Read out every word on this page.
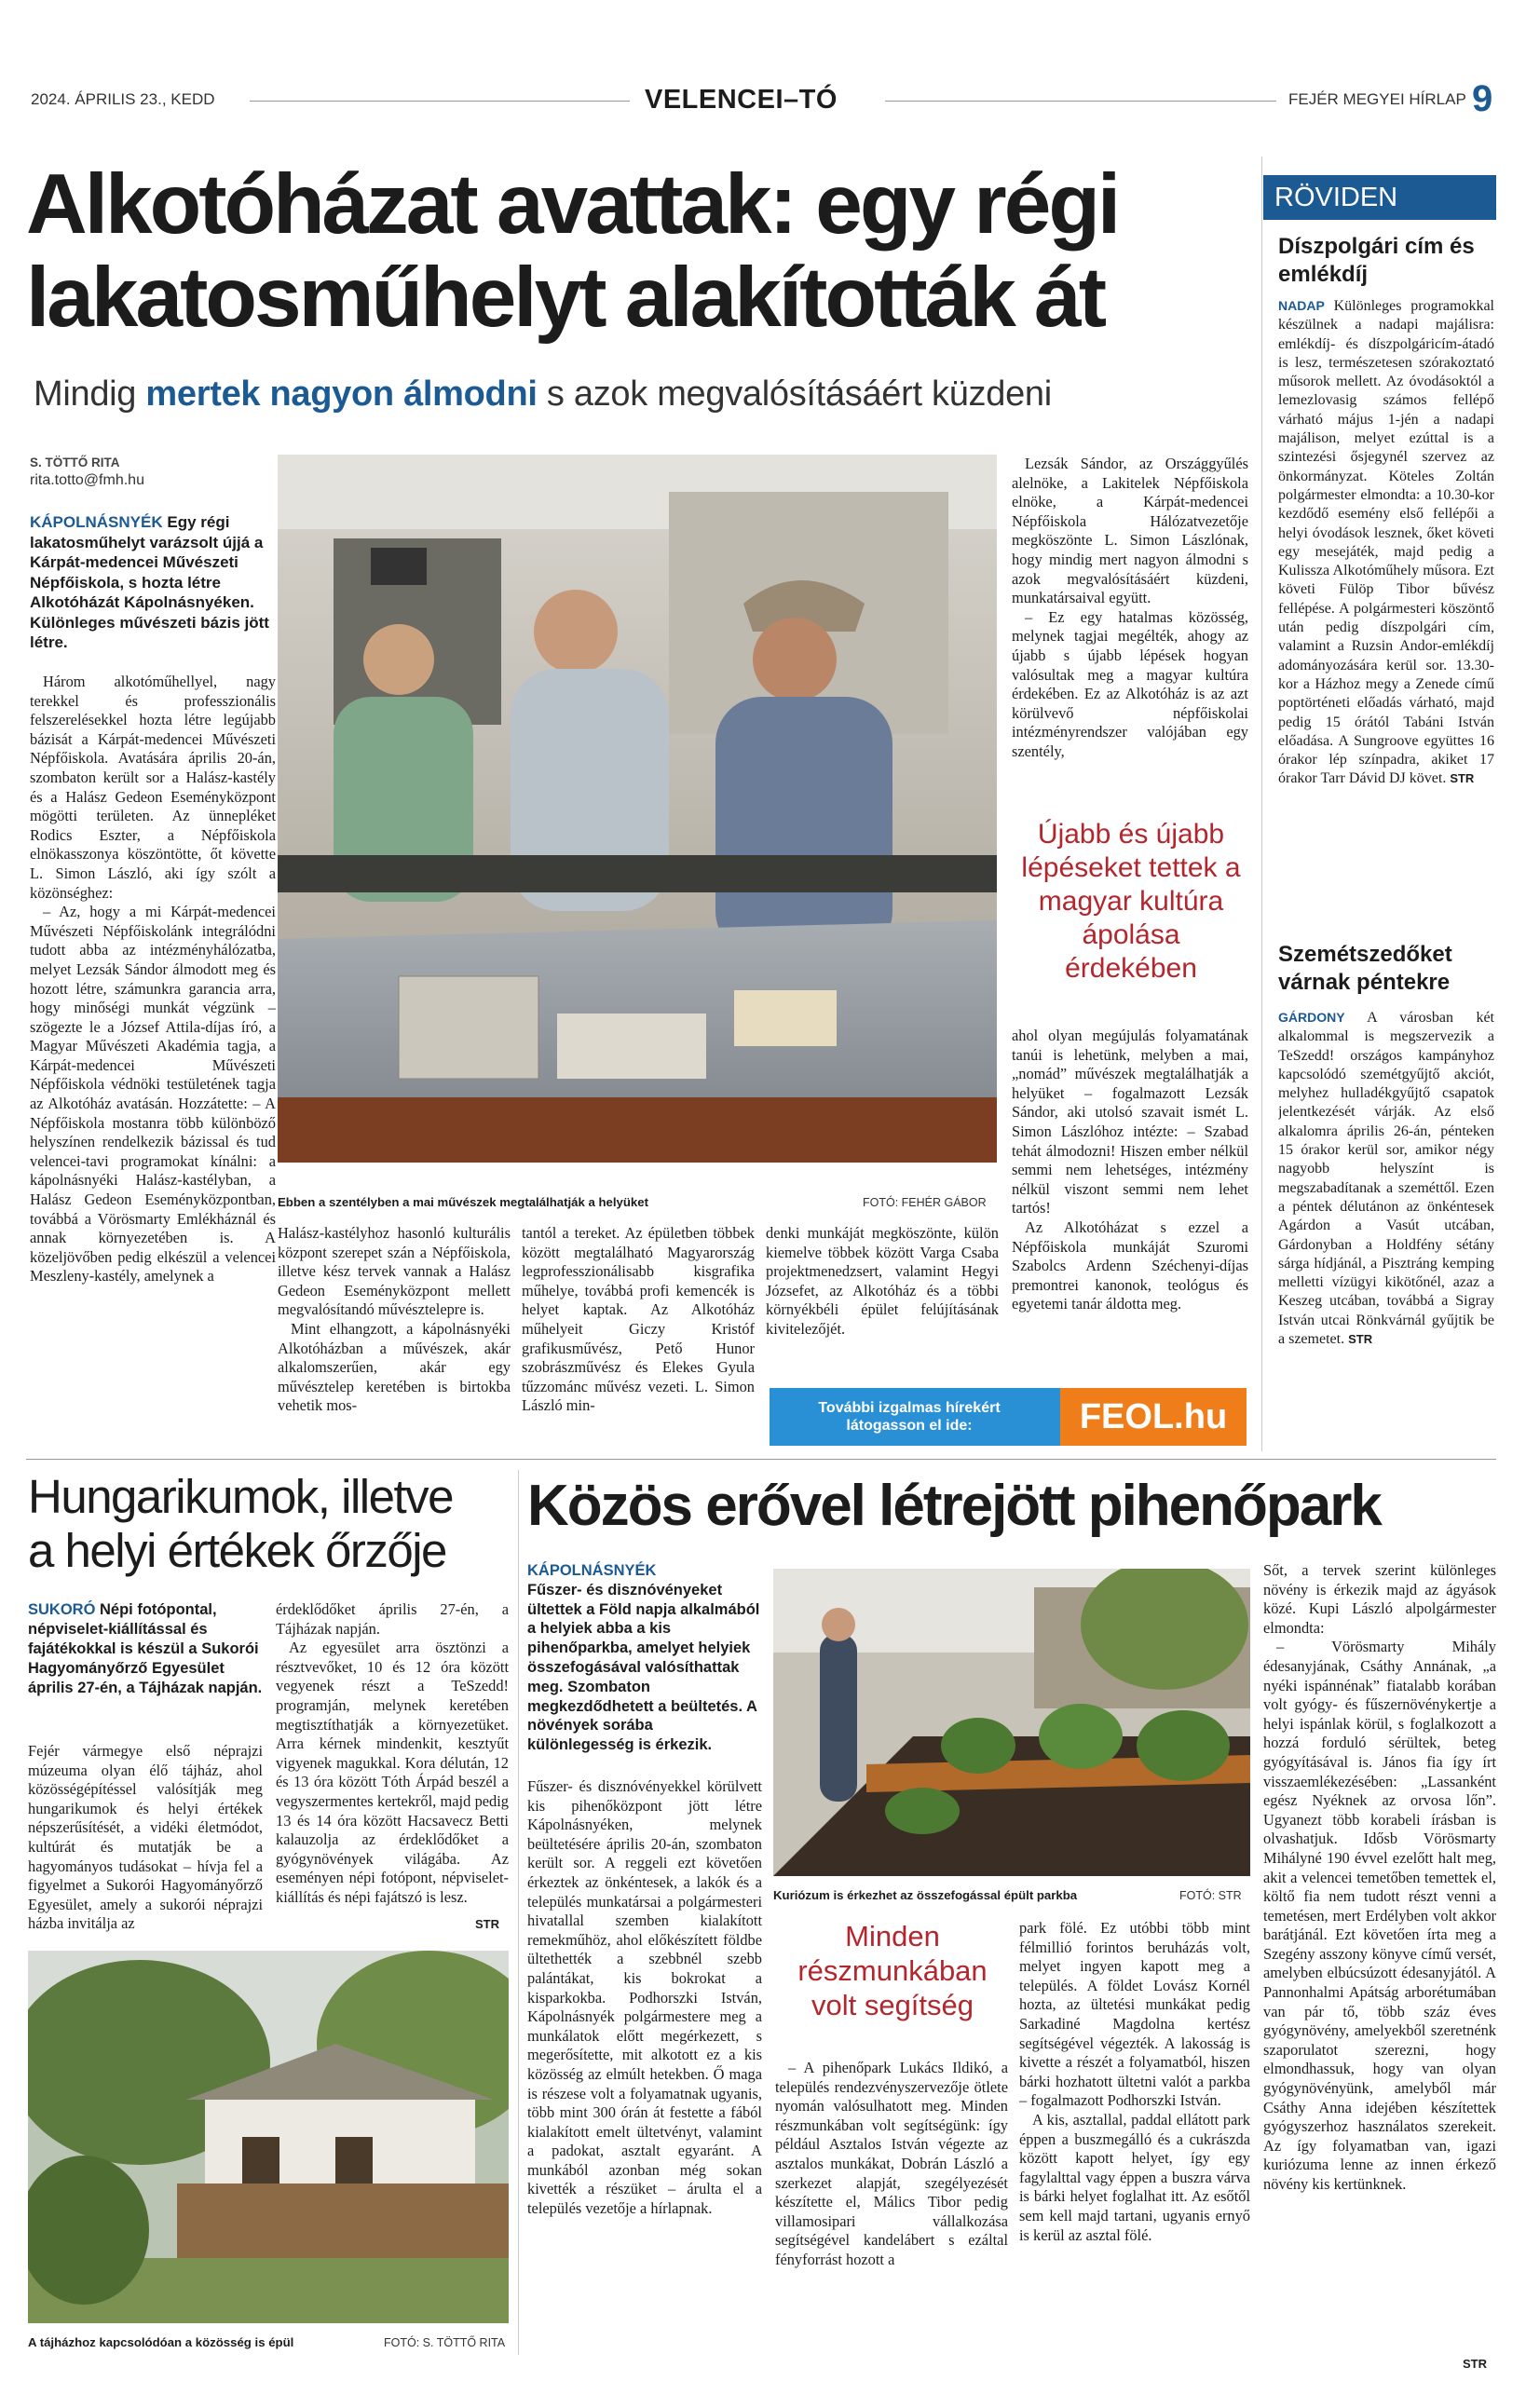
2024. ÁPRILIS 23., KEDD	VELENCEI–TÓ	FEJÉR MEGYEI HÍRLAP 9
Alkotóházat avattak: egy régi
lakatosműhelyt alakították át
Mindig mertek nagyon álmodni s azok megvalósításáért küzdeni
S. TÖTTŐ RITA
rita.totto@fmh.hu
KÁPOLNÁSNYÉK Egy régi lakatosműhelyt varázsolt újjá a Kárpát-medencei Művészeti Népfőiskola, s hozta létre Alkotóházát Kápolnásnyéken. Különleges művészeti bázis jött létre.

Három alkotóműhellyel, nagy terekkel és professzionális felszerelésekkel hozta létre legújabb bázisát a Kárpát-medencei Művészeti Népfőiskola. Avatására április 20-án, szombaton került sor a Halász-kastély és a Halász Gedeon Eseményközpont mögötti területen. Az ünnepléket Rodics Eszter, a Népfőiskola elnökasszonya köszöntötte, őt követte L. Simon László, aki így szólt a közönséghez:

– Az, hogy a mi Kárpát-medencei Művészeti Népfőiskolánk integrálódni tudott abba az intézményhálózatba, melyet Lezsák Sándor álmodott meg és hozott létre, számunkra garancia arra, hogy minőségi munkát végzünk – szögezte le a József Attila-díjas író, a Magyar Művészeti Akadémia tagja, a Kárpát-medencei Művészeti Népfőiskola védnöki testületének tagja az Alkotóház avatásán. Hozzátette: – A Népfőiskola mostanra több különböző helyszínen rendelkezik bázissal és tud velencei-tavi programokat kínálni: a kápolnásnyéki Halász-kastélyban, a Halász Gedeon Eseményközpontban, továbbá a Vörösmarty Emlékháznál és annak környezetében is. A közeljövőben pedig elkészül a velencei Meszleny-kastély, amelynek a

Ebben a szentélyben a mai művészek megtalálhatják a helyüket	FOTÓ: FEHÉR GÁBOR

Halász-kastélyhoz hasonló kulturális központ szerepet szán a Népfőiskola, illetve kész tervek vannak a Halász Gedeon Eseményközpont mellett megvalósítandó művésztelepre is.

Mint elhangzott, a kápolnásnyéki Alkotóházban a művészek, akár alkalomszerűen, akár egy művésztelep keretében is birtokba vehetik mos-

tantól a tereket. Az épületben többek között megtalálható Magyarország legprofesszionálisabb kisgrafika műhelye, továbbá profi kemencék is helyet kaptak. Az Alkotóház műhelyeit Giczy Kristóf grafikusművész, Pető Hunor szobrászművész és Elekes Gyula tűzzománc művész vezeti. L. Simon László min-

denki munkáját megköszönte, külön kiemelve többek között Varga Csaba projektmenedzsert, valamint Hegyi Józsefet, az Alkotóház és a többi környékbéli épület felújításának kivitelezőjét.

Lezsák Sándor, az Országgyűlés alelnöke, a Lakitelek Népfőiskola elnöke, a Kárpát-medencei Népfőiskola Hálózatvezetője megköszönte L. Simon Lászlónak, hogy mindig mert nagyon álmodni s azok megvalósításáért küzdeni, munkatársaival együtt.

– Ez egy hatalmas közösség, melynek tagjai megélték, ahogy az újabb s újabb lépések hogyan valósultak meg a magyar kultúra érdekében. Ez az Alkotóház is az azt körülvevő népfőiskolai intézményrendszer valójában egy szentély,

Újabb és újabb lépéseket tettek a magyar kultúra ápolása érdekében

ahol olyan megújulás folyamatának tanúi is lehetünk, melyben a mai, „nomád” művészek megtalálhatják a helyüket – fogalmazott Lezsák Sándor, aki utolsó szavait ismét L. Simon Lászlóhoz intézte: – Szabad tehát álmodozni! Hiszen ember nélkül semmi nem lehetséges, intézmény nélkül viszont semmi nem lehet tartós!

Az Alkotóházat s ezzel a Népfőiskola munkáját Szuromi Szabolcs Ardenn Széchenyi-díjas premontrei kanonok, teológus és egyetemi tanár áldotta meg.

További izgalmas hírekért
látogasson el ide:	FEOL.hu
RÖVIDEN
Díszpolgári cím és emlékdíj

NADAP Különleges programokkal készülnek a nadapi majálisra: emlékdíj- és díszpolgáricím-átadó is lesz, természetesen szórakoztató műsorok mellett. Az óvodásoktól a lemezlovasig számos fellépő várható május 1-jén a nadapi majálison, melyet ezúttal is a szintezési ősjegynél szervez az önkormányzat. Köteles Zoltán polgármester elmondta: a 10.30-kor kezdődő esemény első fellépői a helyi óvodások lesznek, őket követi egy mesejáték, majd pedig a Kulissza Alkotóműhely műsora. Ezt követi Fülöp Tibor bűvész fellépése. A polgármesteri köszöntő után pedig díszpolgári cím, valamint a Ruzsin Andor-emlékdíj adományozására kerül sor. 13.30-kor a Házhoz megy a Zenede című poptörténeti előadás várható, majd pedig 15 órától Tabáni István előadása. A Sungroove együttes 16 órakor lép színpadra, akiket 17 órakor Tarr Dávid DJ követ. STR

Szemétszedőket várnak péntekre

GÁRDONY A városban két alkalommal is megszervezik a TeSzedd! országos kampányhoz kapcsolódó szemétgyűjtő akciót, melyhez hulladékgyűjtő csapatok jelentkezését várják. Az első alkalomra április 26-án, pénteken 15 órakor kerül sor, amikor négy nagyobb helyszínt is megszabadítanak a szeméttől. Ezen a péntek délutánon az önkéntesek Agárdon a Vasút utcában, Gárdonyban a Holdfény sétány sárga hídjánál, a Pisztráng kemping melletti vízügyi kikötőnél, azaz a Keszeg utcában, továbbá a Sigray István utcai Rönkvárnál gyűjtik be a szemetet. STR

Hungarikumok, illetve
a helyi értékek őrzője
SUKORÓ Népi fotópontal, népviselet-kiállítással és fajátékokkal is készül a Sukorói Hagyományőrző Egyesület április 27-én, a Tájházak napján.

Fejér vármegye első néprajzi múzeuma olyan élő tájház, ahol közösségépítéssel valósítják meg hungarikumok és helyi értékek népszerűsítését, a vidéki életmódot, kultúrát és mutatják be a hagyományos tudásokat – hívja fel a figyelmet a Sukorói Hagyományőrző Egyesület, amely a sukorói néprajzi házba invitálja az

érdeklődőket április 27-én, a Tájházak napján.

Az egyesület arra ösztönzi a résztvevőket, 10 és 12 óra között vegyenek részt a TeSzedd! programján, melynek keretében megtisztíthatják a környezetüket. Arra kérnek mindenkit, kesztyűt vigyenek magukkal. Kora délután, 12 és 13 óra között Tóth Árpád beszél a vegyszermentes kertekről, majd pedig 13 és 14 óra között Hacsavecz Betti kalauzolja az érdeklődőket a gyógynövények világába. Az eseményen népi fotópont, népviselet-kiállítás és népi fajátszó is lesz.

STR
A tájházhoz kapcsolódóan a közösség is épül	FOTÓ: S. TÖTTŐ RITA
Közös erővel létrejött pihenőpark
KÁPOLNÁSNYÉK
Fűszer- és disznóvényeket ültettek a Föld napja alkalmából a helyiek abba a kis pihenőparkba, amelyet helyiek összefogásával valósíthattak meg. Szombaton megkezdődhetett a beültetés. A növények sorába különlegesség is érkezik.

Fűszer- és disznóvényekkel körülvett kis pihenőközpont jött létre Kápolnásnyéken, melynek beültetésére április 20-án, szombaton került sor. A reggeli ezt követően érkeztek az önkéntesek, a lakók és a település munkatársai a polgármesteri hivatallal szemben kialakított remekműhöz, ahol előkészített földbe ültethették a szebbnél szebb palántákat, kis bokrokat a kisparkokba. Podhorszki István, Kápolnásnyék polgármestere meg a munkálatok előtt megérkezett, s megerősítette, mit alkotott ez a kis közösség az elmúlt hetekben. Ő maga is részese volt a folyamatnak ugyanis, több mint 300 órán át festette a fából kialakított emelt ültetvényt, valamint a padokat, asztalt egyaránt. A munkából azonban még sokan kivették a részüket – árulta el a település vezetője a hírlapnak.

Kuriózum is érkezhet az összefogással épült parkba	FOTÓ: STR
Minden részmunkában volt segítség

– A pihenőpark Lukács Ildikó, a település rendezvényszervezője ötlete nyomán valósulhatott meg. Minden részmunkában volt segítségünk: így például Asztalos István végezte az asztalos munkákat, Dobrán László a szerkezet alapját, szegélyezését készítette el, Málics Tibor pedig villamosipari vállalkozása segítségével kandelábert s ezáltal fényforrást hozott a

park fölé. Ez utóbbi több mint félmillió forintos beruházás volt, melyet ingyen kapott meg a település. A földet Lovász Kornél hozta, az ültetési munkákat pedig Sarkadiné Magdolna kertész segítségével végezték. A lakosság is kivette a részét a folyamatból, hiszen bárki hozhatott ültetni valót a parkba – fogalmazott Podhorszki István.

A kis, asztallal, paddal ellátott park éppen a buszmegálló és a cukrászda között kapott helyet, így egy fagylalttal vagy éppen a buszra várva is bárki helyet foglalhat itt. Az esőtől sem kell majd tartani, ugyanis ernyő is kerül az asztal fölé.

Sőt, a tervek szerint különleges növény is érkezik majd az ágyások közé. Kupi László alpolgármester elmondta:

– Vörösmarty Mihály édesanyjának, Csáthy Annának, „a nyéki ispánnénak” fiatalabb korában volt gyógy- és fűszernövénykertje a helyi ispánlak körül, s foglalkozott a hozzá forduló sérültek, beteg gyógyításával is. János fia így írt visszaemlékezésében: „Lassanként egész Nyéknek az orvosa lőn”. Ugyanezt több korabeli írásban is olvashatjuk. Idősb Vörösmarty Mihályné 190 évvel ezelőtt halt meg, akit a velencei temetőben temettek el, költő fia nem tudott részt venni a temetésen, mert Erdélyben volt akkor barátjánál. Ezt követően írta meg a Szegény asszony könyve című versét, amelyben elbúcsúzott édesanyjától. A Pannonhalmi Apátság arborétumában van pár tő, több száz éves gyógynövény, amelyekből szeretnénk szaporulatot szerezni, hogy elmondhassuk, hogy van olyan gyógynövényünk, amelyből már Csáthy Anna idejében készítettek gyógyszerhoz használatos szerekeit. Az így folyamatban van, igazi kuriózuma lenne az innen érkező növény kis kertünknek.

STR
